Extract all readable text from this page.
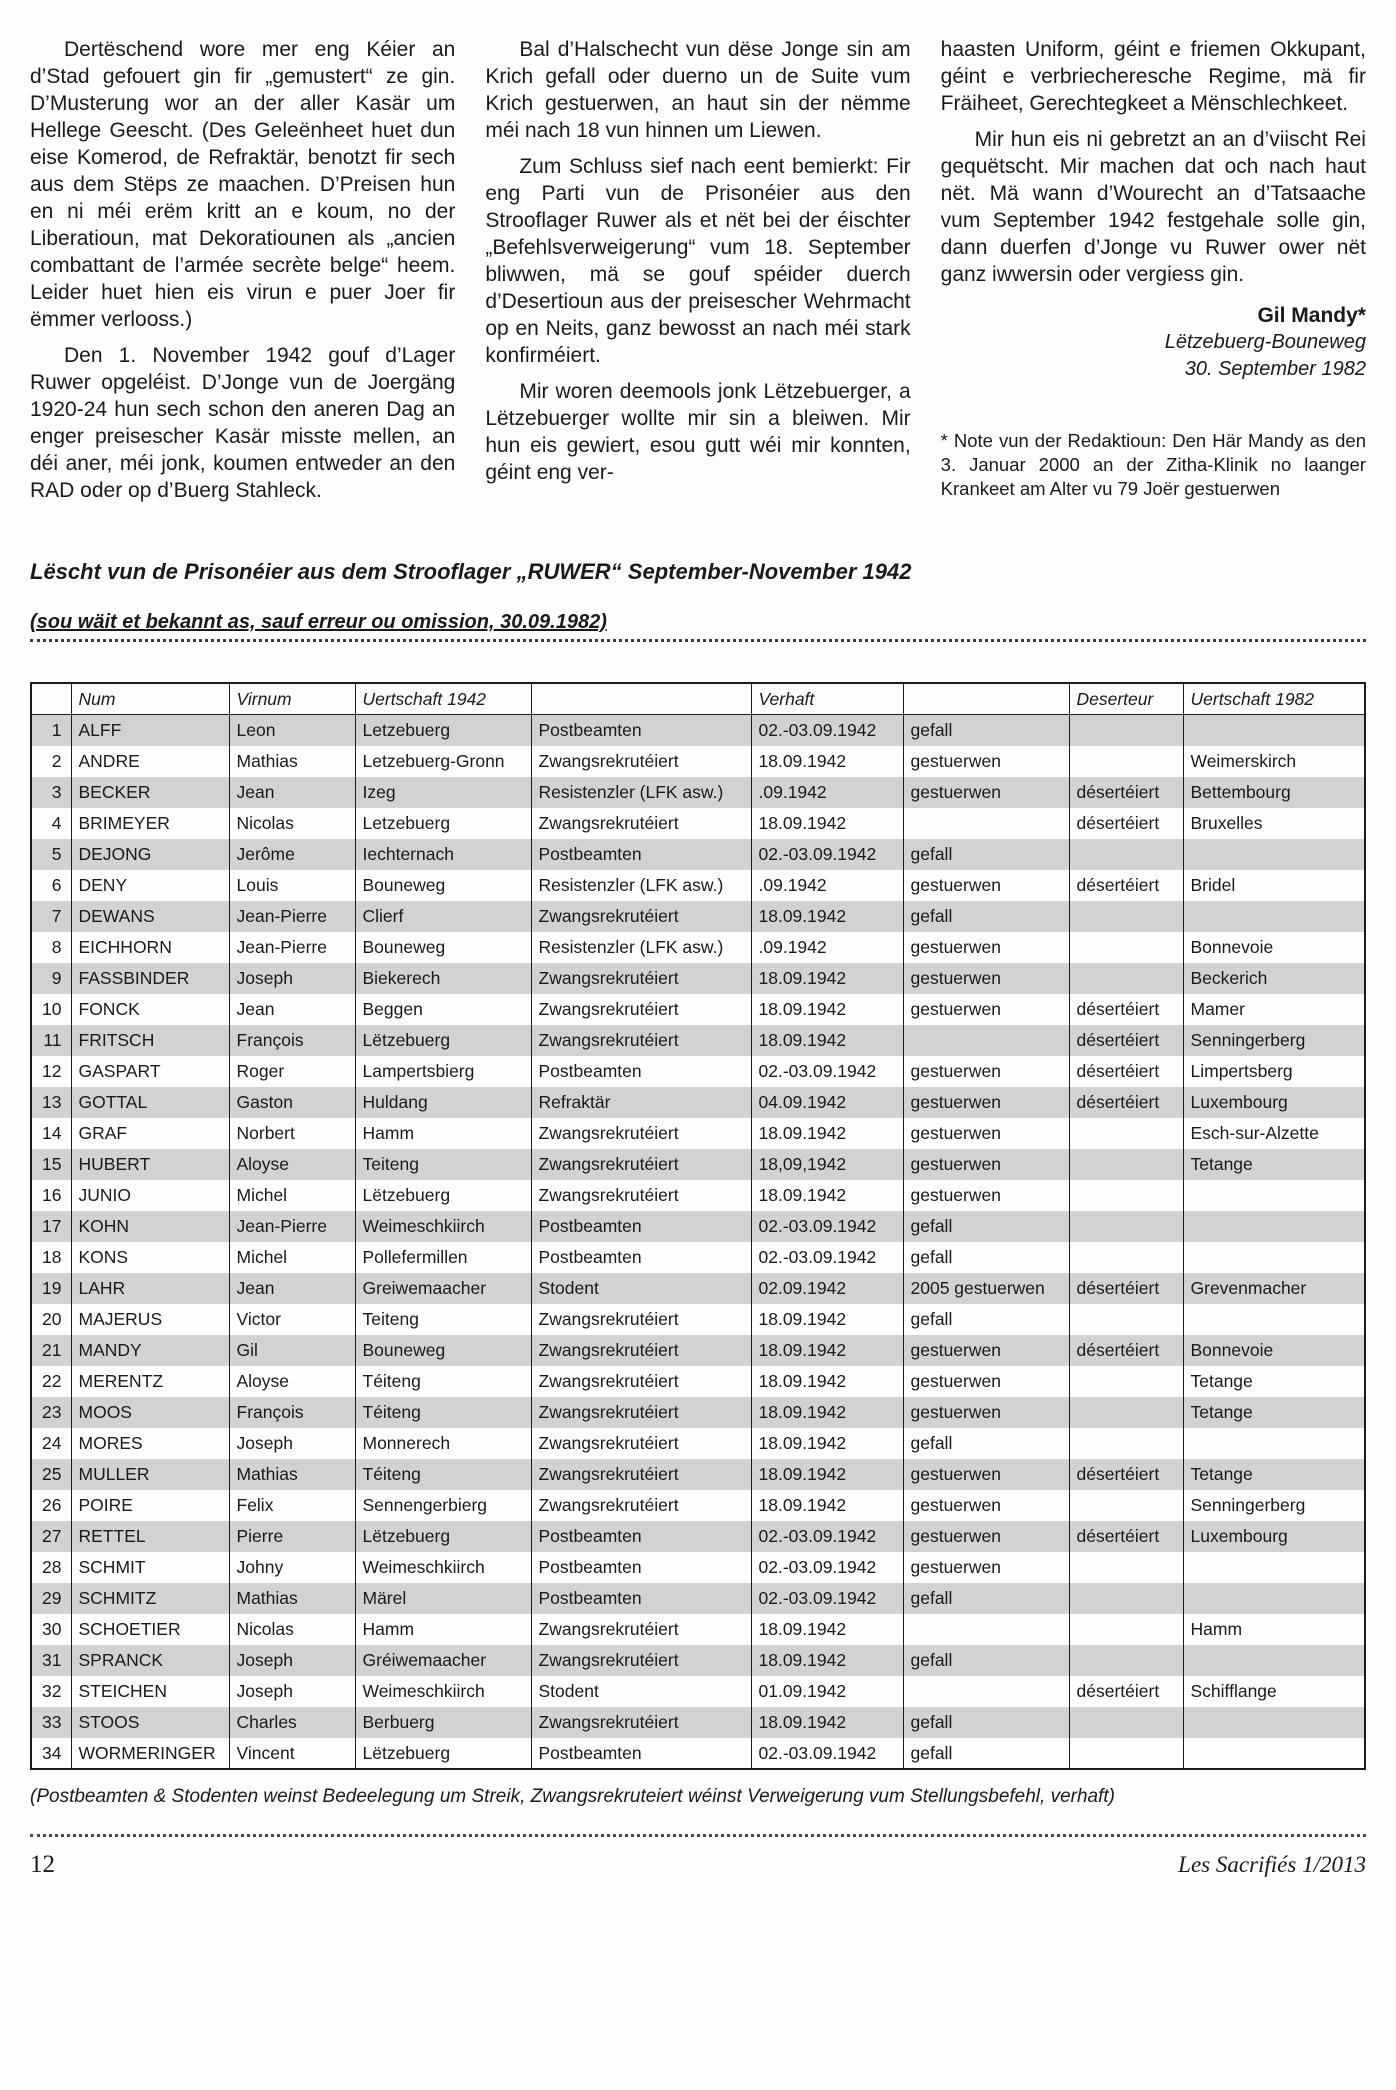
Dertëschend wore mer eng Kéier an d’Stad gefouert gin fir „gemustert“ ze gin. D’Musterung wor an der aller Kasär um Hellege Geescht. (Des Geleënheet huet dun eise Komerod, de Refraktär, benotzt fir sech aus dem Stëps ze maachen. D’Preisen hun en ni méi erëm kritt an e koum, no der Liberatioun, mat Dekoratiounen als „ancien combattant de l’armée secrète belge“ heem. Leider huet hien eis virun e puer Joer fir ëmmer verlooss.)

Den 1. November 1942 gouf d’Lager Ruwer opgeléist. D’Jonge vun de Joergäng 1920-24 hun sech schon den aneren Dag an enger preisescher Kasär misste mellen, an déi aner, méi jonk, koumen entweder an den RAD oder op d’Buerg Stahleck.

Bal d’Halschecht vun dëse Jonge sin am Krich gefall oder duerno un de Suite vum Krich gestuerwen, an haut sin der nëmme méi nach 18 vun hinnen um Liewen.

Zum Schluss sief nach eent bemierkt: Fir eng Parti vun de Prisonéier aus den Strooflager Ruwer als et nët bei der éischter „Befehlsverweigerung“ vum 18. September bliwwen, mä se gouf spéider duerch d’Desertioun aus der preisescher Wehrmacht op en Neits, ganz bewosst an nach méi stark konfirméiert.

Mir woren deemools jonk Lëtzebuerger, a Lëtzebuerger wollte mir sin a bleiwen. Mir hun eis gewiert, esou gutt wéi mir konnten, géint eng ver-

haasten Uniform, géint e friemen Okkupant, géint e verbriecheresche Regime, mä fir Fräiheet, Gerechtegkeet a Mënschlechkeet.

Mir hun eis ni gebretzt an an d’viischt Rei gequëtscht. Mir machen dat och nach haut nët. Mä wann d’Wourecht an d’Tatsaache vum September 1942 festgehale solle gin, dann duerfen d’Jonge vu Ruwer ower nët ganz iwwersin oder vergiess gin.

Gil Mandy*
Lëtzebuerg-Bouneweg
30. September 1982

* Note vun der Redaktioun: Den Här Mandy as den 3. Januar 2000 an der Zitha-Klinik no laanger Krankeet am Alter vu 79 Joër gestuerwen

Lëscht vun de Prisonéier aus dem Strooflager „RUWER“ September-November 1942
(sou wäit et bekannt as, sauf erreur ou omission, 30.09.1982)
	Num	Virnum	Uertschaft 1942		Verhaft		Deserteur	Uertschaft 1982
1	ALFF	Leon	Letzebuerg	Postbeamten	02.-03.09.1942	gefall		
2	ANDRE	Mathias	Letzebuerg-Gronn	Zwangsrekrutéiert	18.09.1942	gestuerwen		Weimerskirch
3	BECKER	Jean	Izeg	Resistenzler (LFK asw.)	.09.1942	gestuerwen	désertéiert	Bettembourg
4	BRIMEYER	Nicolas	Letzebuerg	Zwangsrekrutéiert	18.09.1942		désertéiert	Bruxelles
5	DEJONG	Jerôme	Iechternach	Postbeamten	02.-03.09.1942	gefall		
6	DENY	Louis	Bouneweg	Resistenzler (LFK asw.)	.09.1942	gestuerwen	désertéiert	Bridel
7	DEWANS	Jean-Pierre	Clierf	Zwangsrekrutéiert	18.09.1942	gefall		
8	EICHHORN	Jean-Pierre	Bouneweg	Resistenzler (LFK asw.)	.09.1942	gestuerwen		Bonnevoie
9	FASSBINDER	Joseph	Biekerech	Zwangsrekrutéiert	18.09.1942	gestuerwen		Beckerich
10	FONCK	Jean	Beggen	Zwangsrekrutéiert	18.09.1942	gestuerwen	désertéiert	Mamer
11	FRITSCH	François	Lëtzebuerg	Zwangsrekrutéiert	18.09.1942		désertéiert	Senningerberg
12	GASPART	Roger	Lampertsbierg	Postbeamten	02.-03.09.1942	gestuerwen	désertéiert	Limpertsberg
13	GOTTAL	Gaston	Huldang	Refraktär	04.09.1942	gestuerwen	désertéiert	Luxembourg
14	GRAF	Norbert	Hamm	Zwangsrekrutéiert	18.09.1942	gestuerwen		Esch-sur-Alzette
15	HUBERT	Aloyse	Teiteng	Zwangsrekrutéiert	18,09,1942	gestuerwen		Tetange
16	JUNIO	Michel	Lëtzebuerg	Zwangsrekrutéiert	18.09.1942	gestuerwen		
17	KOHN	Jean-Pierre	Weimeschkiirch	Postbeamten	02.-03.09.1942	gefall		
18	KONS	Michel	Pollefermillen	Postbeamten	02.-03.09.1942	gefall		
19	LAHR	Jean	Greiwemaacher	Stodent	02.09.1942	2005 gestuerwen	désertéiert	Grevenmacher
20	MAJERUS	Victor	Teiteng	Zwangsrekrutéiert	18.09.1942	gefall		
21	MANDY	Gil	Bouneweg	Zwangsrekrutéiert	18.09.1942	gestuerwen	désertéiert	Bonnevoie
22	MERENTZ	Aloyse	Téiteng	Zwangsrekrutéiert	18.09.1942	gestuerwen		Tetange
23	MOOS	François	Téiteng	Zwangsrekrutéiert	18.09.1942	gestuerwen		Tetange
24	MORES	Joseph	Monnerech	Zwangsrekrutéiert	18.09.1942	gefall		
25	MULLER	Mathias	Téiteng	Zwangsrekrutéiert	18.09.1942	gestuerwen	désertéiert	Tetange
26	POIRE	Felix	Sennengerbierg	Zwangsrekrutéiert	18.09.1942	gestuerwen		Senningerberg
27	RETTEL	Pierre	Lëtzebuerg	Postbeamten	02.-03.09.1942	gestuerwen	désertéiert	Luxembourg
28	SCHMIT	Johny	Weimeschkiirch	Postbeamten	02.-03.09.1942	gestuerwen		
29	SCHMITZ	Mathias	Märel	Postbeamten	02.-03.09.1942	gefall		
30	SCHOETIER	Nicolas	Hamm	Zwangsrekrutéiert	18.09.1942			Hamm
31	SPRANCK	Joseph	Gréiwemaacher	Zwangsrekrutéiert	18.09.1942	gefall		
32	STEICHEN	Joseph	Weimeschkiirch	Stodent	01.09.1942		désertéiert	Schifflange
33	STOOS	Charles	Berbuerg	Zwangsrekrutéiert	18.09.1942	gefall		
34	WORMERINGER	Vincent	Lëtzebuerg	Postbeamten	02.-03.09.1942	gefall		

(Postbeamten & Stodenten weinst Bedeelegung um Streik, Zwangsrekruteiert wéinst Verweigerung vum Stellungsbefehl, verhaft)

12	Les Sacrifiés 1/2013
